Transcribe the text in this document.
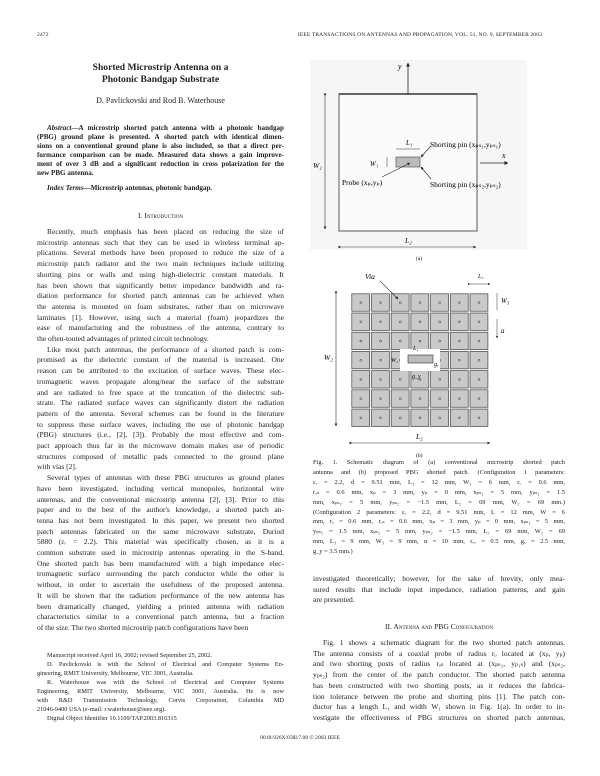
2472	IEEE TRANSACTIONS ON ANTENNAS AND PROPAGATION, VOL. 51, NO. 9, SEPTEMBER 2003
Shorted Microstrip Antenna on a
Photonic Bandgap Substrate
D. Pavlickovski and Rod B. Waterhouse
Abstract—A microstrip shorted patch antenna with a photonic bandgap
(PBG) ground plane is presented. A shorted patch with identical dimen-
sions on a conventional ground plane is also included, so that a direct per-
formance comparison can be made. Measured data shows a gain improve-
ment of over 3 dB and a significant reduction in cross polarization for the
new PBG antenna.
Index Terms—Microstrip antennas, photonic bandgap.
I. Introduction
Recently, much emphasis has been placed on reducing the size of
microstrip antennas such that they can be used in wireless terminal ap-
plications. Several methods have been proposed to reduce the size of a
microstrip patch radiator and the two main techniques include utilizing
shorting pins or walls and using high-dielectric constant materials. It
has been shown that significantly better impedance bandwidth and ra-
diation performance for shorted patch antennas can be achieved when
the antenna is mounted on foam substrates, rather than on microwave
laminates [1]. However, using such a material (foam) jeopardizes the
ease of manufacturing and the robustness of the antenna, contrary to
the often-touted advantages of printed circuit technology.
Like most patch antennas, the performance of a shorted patch is com-
promised as the dielectric constant of the material is increased. One
reason can be attributed to the excitation of surface waves. These elec-
tromagnetic waves propagate along/near the surface of the substrate
and are radiated to free space at the truncation of the dielectric sub-
strate. The radiated surface waves can significantly distort the radiation
pattern of the antenna. Several schemes can be found in the literature
to suppress these surface waves, including the use of photonic bandgap
(PBG) structures (i.e., [2], [3]). Probably the most effective and com-
pact approach thus far in the microwave domain makes use of periodic
structures composed of metallic pads connected to the ground plane
with vias [2].
Several types of antennas with these PBG structures as ground planes
have been investigated, including vertical monopoles, horizontal wire
antennas, and the conventional microstrip antenna [2], [3]. Prior to this
paper and to the best of the author's knowledge, a shorted patch an-
tenna has not been investigated. In this paper, we present two shorted
patch antennas fabricated on the same microwave substrate, Duriod
5880 (εᵣ = 2.2). This material was specifically chosen, as it is a
common substrate used in microstrip antennas operating in the S-band.
One shorted patch has been manufactured with a high impedance elec-
tromagnetic surface surrounding the patch conductor while the other is
without, in order to ascertain the usefulness of the proposed antenna.
It will be shown that the radiation performance of the new antenna has
been dramatically changed, yielding a printed antenna with radiation
characteristics similar to a conventional patch antenna, but a fraction
of the size. The two shorted microstrip patch configurations have been
Manuscript received April 16, 2002; revised September 25, 2002.
D. Pavlickovski is with the School of Electrical and Computer Systems En-
gineering, RMIT University, Melbourne, VIC 3001, Australia.
R. Waterhouse was with the School of Electrical and Computer Systems
Engineering, RMIT University, Melbourne, VIC 3001, Australia. He is now
with R&D Transmission Technology, Corvis Corporation, Columbia MD
21046-9400 USA (e-mail: r.waterhouse@ieee.org).
Digital Object Identifier 10.1109/TAP.2003.816315
y
x
L₁
W₁
Shorting pin (xₚₛ₁,yₚₛ₁)
Shorting pin (xₚₛ₂,yₚₛ₂)
Probe (xₚ,yₚ)
W₂
L₂
(a)
L₁
W₁
gₓ
g_y
Via	L₃
W₃
a
W₂
L₂
(b)
Fig. 1. Schematic diagram of (a) conventional microstrip shorted patch
antenna and (b) proposed PBG shorted patch. (Configuration 1 parameters:
εᵣ = 2.2, d = 9.51 mm, L₁ = 12 mm, W₁ = 6 mm, rₒ = 0.6 mm,
rₒₛ = 0.6 mm, xₚ = 3 mm, yₚ = 0 mm, xₚₛ₁ = 5 mm, yₚₛ₁ = 1.5
mm, xₚₛ₂ = 5 mm, yₚₛ₂ = −1.5 mm, L₂ = 69 mm, W₂ = 69 mm.)
(Configuration 2 parameters: εᵣ = 2.2, d = 9.51 mm, L = 12 mm, W = 6
mm, rₒ = 0.6 mm, rₒₛ = 0.6 mm, xₚ = 3 mm, yₚ = 0 mm, xₚₛ₁ = 5 mm,
yₚₛ₁ = 1.5 mm, xₚₛ₂ = 5 mm, yₚₛ₂ = −1.5 mm, L₂ = 69 mm, W₂ = 69
mm, L₃ = 9 mm, W₃ = 9 mm, α = 10 mm, rₒᵥ = 0.5 mm, gₓ = 2.5 mm,
g_y = 3.5 mm.)
investigated theoretically; however, for the sake of brevity, only mea-
sured results that include input impedance, radiation patterns, and gain
are presented.
II. Antenna and PBG Configuration
Fig. 1 shows a schematic diagram for the two shorted patch antennas.
The antenna consists of a coaxial probe of radius rₒ located at (xₚ, yₚ)
and two shorting posts of radius rₒₛ located at (xₚₛ₁, yₚ₁ₛ) and (xₚₛ₂,
yₚₛ₂) from the center of the patch conductor. The shorted patch antenna
has been constructed with two shorting posts, as it reduces the fabrica-
tion tolerance between the probe and shorting pins [1]. The patch con-
ductor has a length L₁ and width W₁ shown in Fig. 1(a). In order to in-
vestigate the effectiveness of PBG structures on shorted patch antennas,
0018-926X/03$17.00 © 2003 IEEE
